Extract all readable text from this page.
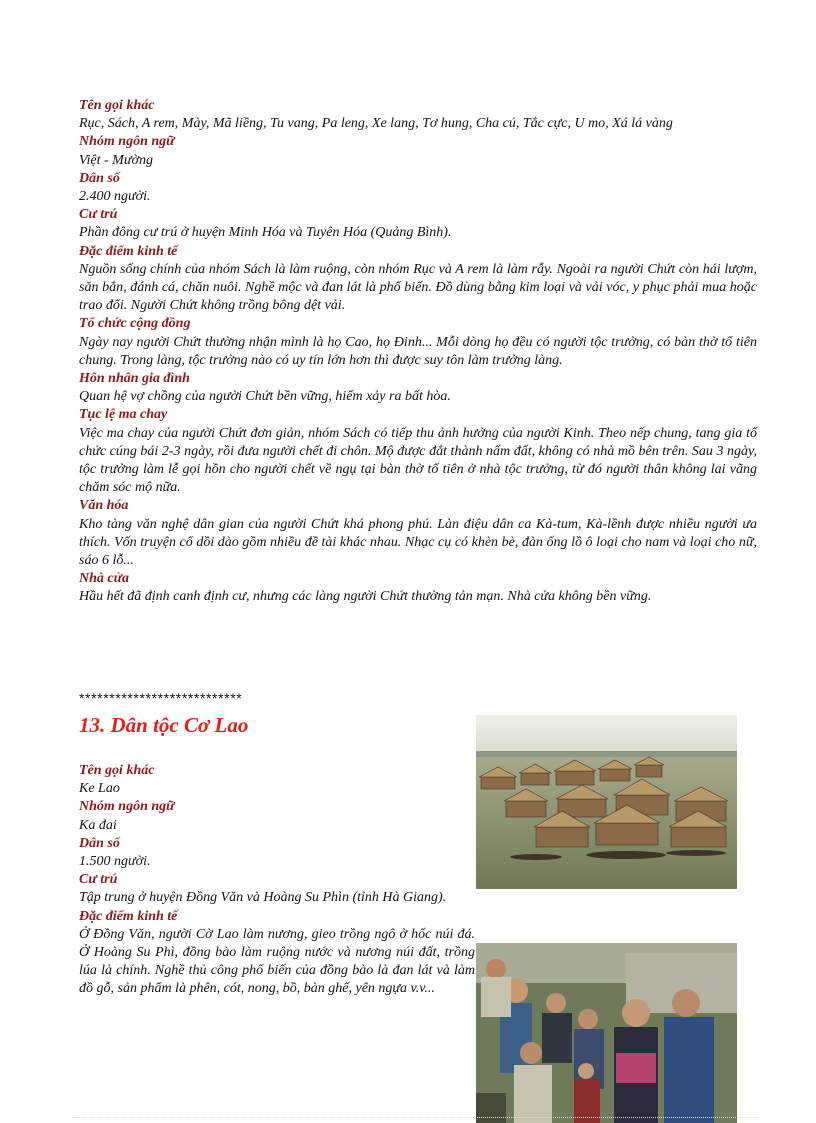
Tên gọi khác
Rục, Sách, A rem, Mày, Mã liềng, Tu vang, Pa leng, Xe lang, Tơ hung, Cha cú, Tắc cực, U mo, Xá lá vàng
Nhóm ngôn ngữ
Việt - Mường
Dân số
2.400 người.
Cư trú
Phần đông cư trú ở huyện Minh Hóa và Tuyên Hóa (Quảng Bình).
Đặc điểm kinh tế
Nguồn sống chính của nhóm Sách là làm ruộng, còn nhóm Rục và A rem là làm rẫy. Ngoài ra người Chứt còn hái lượm, săn bắn, đánh cá, chăn nuôi. Nghề mộc và đan lát là phổ biến. Đồ dùng bằng kim loại và vải vóc, y phục phải mua hoặc trao đổi. Người Chứt không trồng bông dệt vải.
Tổ chức cộng đồng
Ngày nay người Chứt thường nhận mình là họ Cao, họ Đinh... Mỗi dòng họ đều có người tộc trưởng, có bàn thờ tổ tiên chung. Trong làng, tộc trưởng nào có uy tín lớn hơn thì được suy tôn làm trưởng làng.
Hôn nhân gia đình
Quan hệ vợ chồng của người Chứt bền vững, hiếm xảy ra bất hòa.
Tục lệ ma chay
Việc ma chay của người Chứt đơn giản, nhóm Sách có tiếp thu ảnh hưởng của người Kinh. Theo nếp chung, tang gia tổ chức cúng bái 2-3 ngày, rồi đưa người chết đi chôn. Mộ được đắt thành nấm đất, không có nhà mồ bên trên. Sau 3 ngày, tộc trưởng làm lễ gọi hồn cho người chết về ngụ tại bàn thờ tổ tiên ở nhà tộc trưởng, từ đó người thân không lai vãng chăm sóc mộ nữa.
Văn hóa
Kho tàng văn nghệ dân gian của người Chứt khá phong phú. Làn điệu dân ca Kà-tum, Kà-lềnh được nhiều người ưa thích. Vốn truyện cổ dồi dào gồm nhiều đề tài khác nhau. Nhạc cụ có khèn bè, đàn ống lồ ô loại cho nam và loại cho nữ, sáo 6 lỗ...
Nhà cửa
Hầu hết đã định canh định cư, nhưng các làng người Chứt thường tản mạn. Nhà cửa không bền vững.
***************************
13. Dân tộc Cơ Lao
Tên gọi khác
Ke Lao
Nhóm ngôn ngữ
Ka đai
Dân số
1.500 người.
Cư trú
Tập trung ở huyện Đồng Văn và Hoàng Su Phìn (tỉnh Hà Giang).
Đặc điểm kinh tế
Ở Đồng Văn, người Cờ Lao làm nương, gieo trồng ngô ở hốc núi đá. Ở Hoàng Su Phì, đồng bào làm ruộng nước và nương núi đất, trồng lúa là chính. Nghề thủ công phổ biến của đồng bào là đan lát và làm đồ gỗ, sản phẩm là phên, cót, nong, bồ, bàn ghế, yên ngựa v.v...
